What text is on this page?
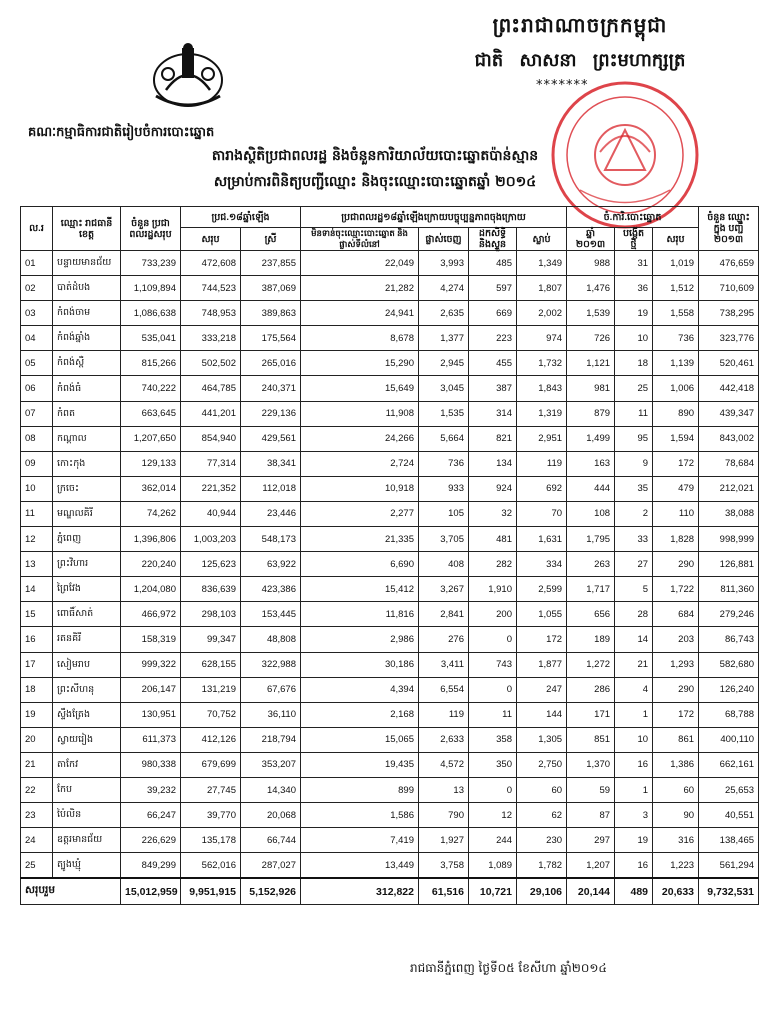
ព្រះរាជាណាចក្រកម្ពុជា
ជាតិ សាសនា ព្រះមហាក្សត្រ
*******
គណៈកម្មាធិការជាតិរៀបចំការបោះឆ្នោត
តារាងស្ថិតិប្រជាពលរដ្ឋ និងចំនួនការិយាល័យបោះឆ្នោតប៉ាន់ស្មាន
សម្រាប់ការពិនិត្យបញ្ជីឈ្មោះ និងចុះឈ្មោះបោះឆ្នោតឆ្នាំ ២០១៤
ល.រ	ឈ្មោះ រាជធានី ខេត្ត	ចំនួន ប្រជា ពលរដ្ឋសរុប	ប្រជ.១៨ឆ្នាំឡើង		ប្រជាពលរដ្ឋ១៨ឆ្នាំឡើងក្រោយបច្ចុប្បន្នភាពចុងក្រោយ				ចំ.ការិ.បោះឆ្នោត			ចំនួន ឈ្មោះក្នុង បញ្ជី ២០១៣
			សរុប	ស្រី	មិនទាន់ចុះឈ្មោះបោះឆ្នោត និងផ្លាស់ទីលំនៅ	ផ្លាស់ចេញ	ដកសិទ្ធិ និងស្ទួន	ស្លាប់	ឆ្នាំ ២០១៣	បង្កើត ថ្មី	សរុប	
01	បន្ទាយមានជ័យ	733,239	472,608	237,855	22,049	3,993	485	1,349	988	31	1,019	476,659
02	បាត់ដំបង	1,109,894	744,523	387,069	21,282	4,274	597	1,807	1,476	36	1,512	710,609
03	កំពង់ចាម	1,086,638	748,953	389,863	24,941	2,635	669	2,002	1,539	19	1,558	738,295
04	កំពង់ឆ្នាំង	535,041	333,218	175,564	8,678	1,377	223	974	726	10	736	323,776
05	កំពង់ស្ពឺ	815,266	502,502	265,016	15,290	2,945	455	1,732	1,121	18	1,139	520,461
06	កំពង់ធំ	740,222	464,785	240,371	15,649	3,045	387	1,843	981	25	1,006	442,418
07	កំពត	663,645	441,201	229,136	11,908	1,535	314	1,319	879	11	890	439,347
08	កណ្ដាល	1,207,650	854,940	429,561	24,266	5,664	821	2,951	1,499	95	1,594	843,002
09	កោះកុង	129,133	77,314	38,341	2,724	736	134	119	163	9	172	78,684
10	ក្រចេះ	362,014	221,352	112,018	10,918	933	924	692	444	35	479	212,021
11	មណ្ឌលគិរី	74,262	40,944	23,446	2,277	105	32	70	108	2	110	38,088
12	ភ្នំពេញ	1,396,806	1,003,203	548,173	21,335	3,705	481	1,631	1,795	33	1,828	998,999
13	ព្រះវិហារ	220,240	125,623	63,922	6,690	408	282	334	263	27	290	126,881
14	ព្រៃវែង	1,204,080	836,639	423,386	15,412	3,267	1,910	2,599	1,717	5	1,722	811,360
15	ពោធិ៍សាត់	466,972	298,103	153,445	11,816	2,841	200	1,055	656	28	684	279,246
16	រតនគិរី	158,319	99,347	48,808	2,986	276	0	172	189	14	203	86,743
17	សៀមរាប	999,322	628,155	322,988	30,186	3,411	743	1,877	1,272	21	1,293	582,680
18	ព្រះសីហនុ	206,147	131,219	67,676	4,394	6,554	0	247	286	4	290	126,240
19	ស្ទឹងត្រែង	130,951	70,752	36,110	2,168	119	11	144	171	1	172	68,788
20	ស្វាយរៀង	611,373	412,126	218,794	15,065	2,633	358	1,305	851	10	861	400,110
21	តាកែវ	980,338	679,699	353,207	19,435	4,572	350	2,750	1,370	16	1,386	662,161
22	កែប	39,232	27,745	14,340	899	13	0	60	59	1	60	25,653
23	ប៉ៃលិន	66,247	39,770	20,068	1,586	790	12	62	87	3	90	40,551
24	ឧត្ដរមានជ័យ	226,629	135,178	66,744	7,419	1,927	244	230	297	19	316	138,465
25	ត្បូងឃ្មុំ	849,299	562,016	287,027	13,449	3,758	1,089	1,782	1,207	16	1,223	561,294
សរុបរួម		15,012,959	9,951,915	5,152,926	312,822	61,516	10,721	29,106	20,144	489	20,633	9,732,531
រាជធានីភ្នំពេញ ថ្ងៃទី០៥ ខែសីហា ឆ្នាំ២០១៤
